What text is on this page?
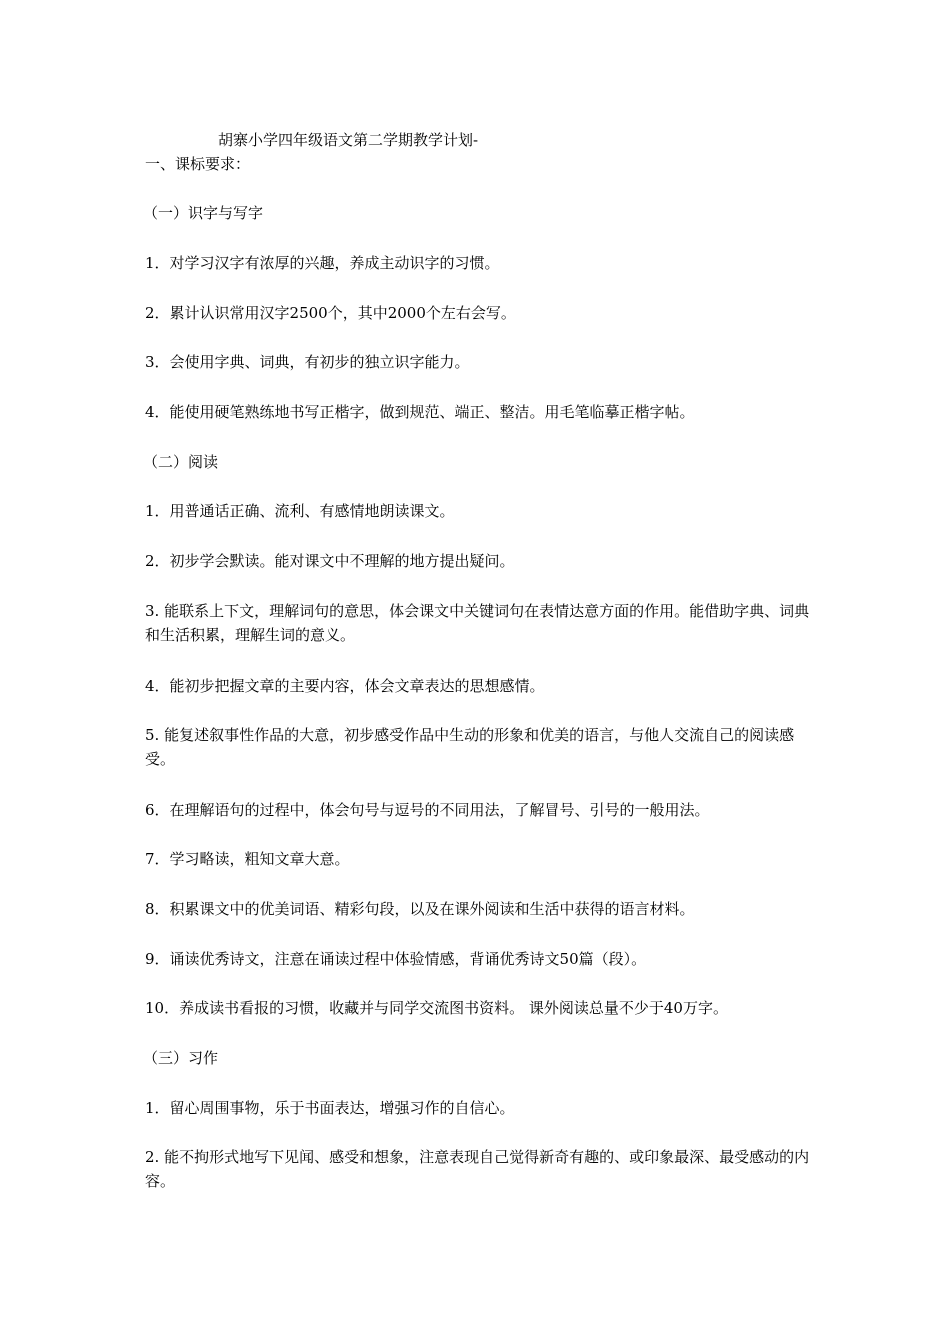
胡寨小学四年级语文第二学期教学计划-

一、课标要求：

（一）识字与写字

1．对学习汉字有浓厚的兴趣，养成主动识字的习惯。

2．累计认识常用汉字2500个，其中2000个左右会写。

3．会使用字典、词典，有初步的独立识字能力。

4．能使用硬笔熟练地书写正楷字，做到规范、端正、整洁。用毛笔临摹正楷字帖。

（二）阅读

1．用普通话正确、流利、有感情地朗读课文。

2．初步学会默读。能对课文中不理解的地方提出疑问。

3. 能联系上下文，理解词句的意思，体会课文中关键词句在表情达意方面的作用。能借助字典、词典和生活积累，理解生词的意义。

4．能初步把握文章的主要内容，体会文章表达的思想感情。

5. 能复述叙事性作品的大意，初步感受作品中生动的形象和优美的语言，与他人交流自己的阅读感受。

6．在理解语句的过程中，体会句号与逗号的不同用法，了解冒号、引号的一般用法。

7．学习略读，粗知文章大意。

8．积累课文中的优美词语、精彩句段，以及在课外阅读和生活中获得的语言材料。

9．诵读优秀诗文，注意在诵读过程中体验情感，背诵优秀诗文50篇（段）。

10．养成读书看报的习惯，收藏并与同学交流图书资料。 课外阅读总量不少于40万字。

（三）习作

1．留心周围事物，乐于书面表达，增强习作的自信心。

2. 能不拘形式地写下见闻、感受和想象，注意表现自己觉得新奇有趣的、或印象最深、最受感动的内容。
